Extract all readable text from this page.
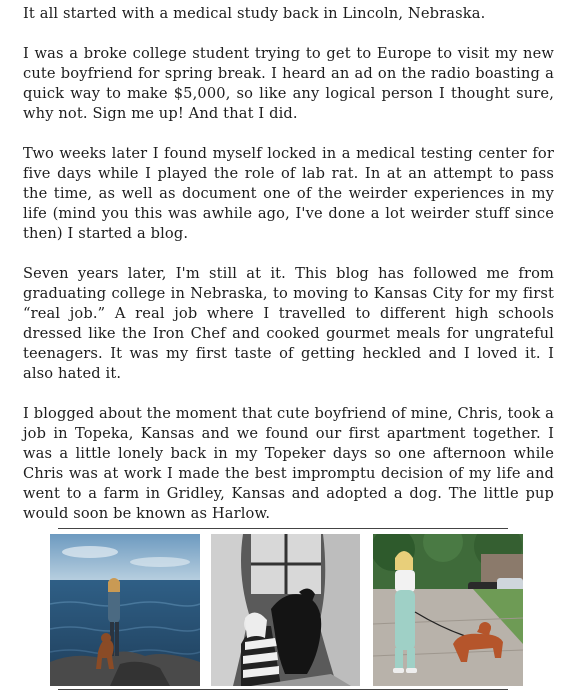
It all started with a medical study back in Lincoln, Nebraska.

I was a broke college student trying to get to Europe to visit my new cute boyfriend for spring break. I heard an ad on the radio boasting a quick way to make $5,000, so like any logical person I thought sure, why not. Sign me up! And that I did.

Two weeks later I found myself locked in a medical testing center for five days while I played the role of lab rat. In at an attempt to pass the time, as well as document one of the weirder experiences in my life (mind you this was awhile ago, I've done a lot weirder stuff since then) I started a blog.

Seven years later, I'm still at it. This blog has followed me from graduating college in Nebraska, to moving to Kansas City for my first “real job.” A real job where I travelled to different high schools dressed like the Iron Chef and cooked gourmet meals for ungrateful teenagers. It was my first taste of getting heckled and I loved it. I also hated it.

I blogged about the moment that cute boyfriend of mine, Chris, took a job in Topeka, Kansas and we found our first apartment together. I was a little lonely back in my Topeker days so one afternoon while Chris was at work I made the best impromptu decision of my life and went to a farm in Gridley, Kansas and adopted a dog. The little pup would soon be known as Harlow.
